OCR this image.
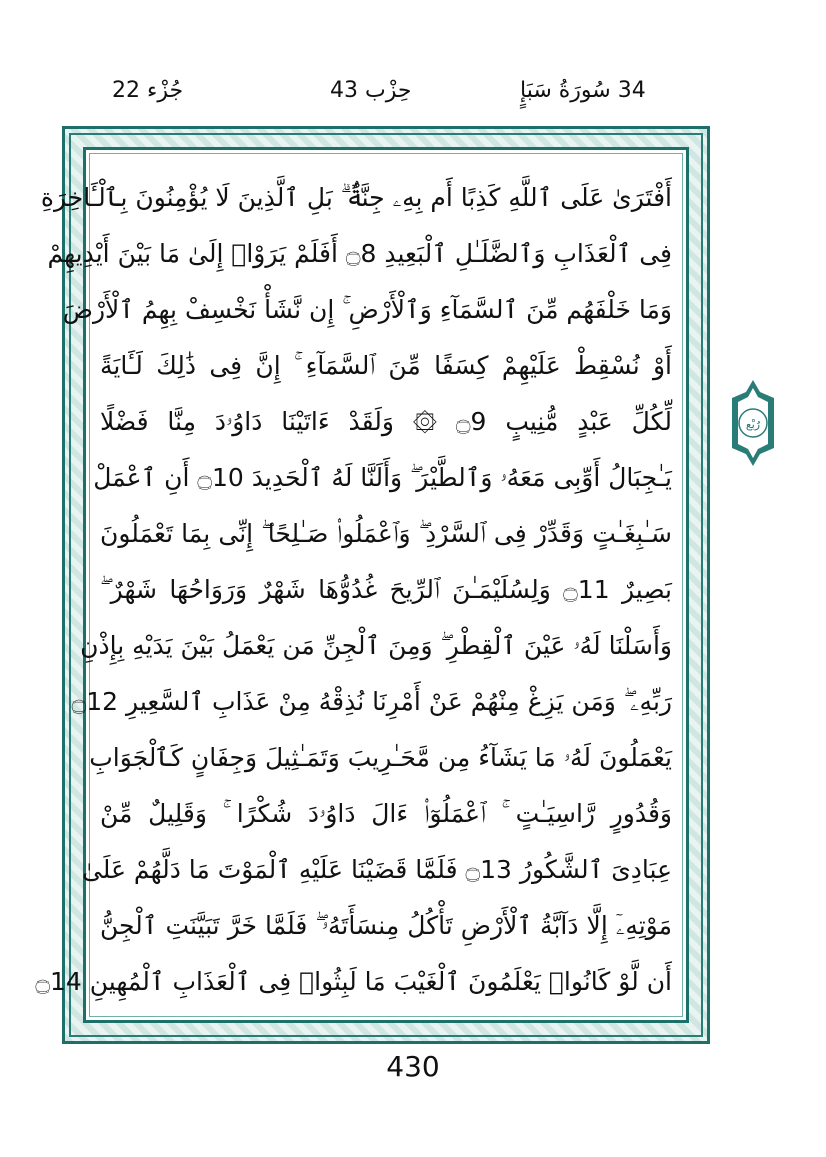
جُزْء 22	حِزْب 43	34 سُورَةُ سَبَإٍ
أَفْتَرَىٰ عَلَى ٱللَّهِ كَذِبًا أَم بِهِۦ جِنَّةٌۢ ۗ بَلِ ٱلَّذِينَ لَا يُؤْمِنُونَ بِٱلْـَٔاخِرَةِ
فِى ٱلْعَذَابِ وَٱلضَّلَـٰلِ ٱلْبَعِيدِ ۝8 أَفَلَمْ يَرَوْا۟ إِلَىٰ مَا بَيْنَ أَيْدِيهِمْ
وَمَا خَلْفَهُم مِّنَ ٱلسَّمَآءِ وَٱلْأَرْضِ ۚ إِن نَّشَأْ نَخْسِفْ بِهِمُ ٱلْأَرْضَ
أَوْ نُسْقِطْ عَلَيْهِمْ كِسَفًا مِّنَ ٱلسَّمَآءِ ۚ إِنَّ فِى ذَٰلِكَ لَـَٔايَةً
لِّكُلِّ عَبْدٍ مُّنِيبٍ ۝9 ۞ وَلَقَدْ ءَاتَيْنَا دَاوُۥدَ مِنَّا فَضْلًا
يَـٰجِبَالُ أَوِّبِى مَعَهُۥ وَٱلطَّيْرَ ۖ وَأَلَنَّا لَهُ ٱلْحَدِيدَ ۝10 أَنِ ٱعْمَلْ
سَـٰبِغَـٰتٍ وَقَدِّرْ فِى ٱلسَّرْدِ ۖ وَٱعْمَلُوا۟ صَـٰلِحًا ۖ إِنِّى بِمَا تَعْمَلُونَ
بَصِيرٌ ۝11 وَلِسُلَيْمَـٰنَ ٱلرِّيحَ غُدُوُّهَا شَهْرٌ وَرَوَاحُهَا شَهْرٌ ۖ
وَأَسَلْنَا لَهُۥ عَيْنَ ٱلْقِطْرِ ۖ وَمِنَ ٱلْجِنِّ مَن يَعْمَلُ بَيْنَ يَدَيْهِ بِإِذْنِ
رَبِّهِۦ ۖ وَمَن يَزِغْ مِنْهُمْ عَنْ أَمْرِنَا نُذِقْهُ مِنْ عَذَابِ ٱلسَّعِيرِ ۝12
يَعْمَلُونَ لَهُۥ مَا يَشَآءُ مِن مَّحَـٰرِيبَ وَتَمَـٰثِيلَ وَجِفَانٍ كَٱلْجَوَابِ
وَقُدُورٍ رَّاسِيَـٰتٍ ۚ ٱعْمَلُوٓا۟ ءَالَ دَاوُۥدَ شُكْرًا ۚ وَقَلِيلٌ مِّنْ
عِبَادِىَ ٱلشَّكُورُ ۝13 فَلَمَّا قَضَيْنَا عَلَيْهِ ٱلْمَوْتَ مَا دَلَّهُمْ عَلَىٰ
مَوْتِهِۦٓ إِلَّا دَآبَّةُ ٱلْأَرْضِ تَأْكُلُ مِنسَأَتَهُۥ ۖ فَلَمَّا خَرَّ تَبَيَّنَتِ ٱلْجِنُّ
أَن لَّوْ كَانُوا۟ يَعْلَمُونَ ٱلْغَيْبَ مَا لَبِثُوا۟ فِى ٱلْعَذَابِ ٱلْمُهِينِ ۝14
رُبْع
430
